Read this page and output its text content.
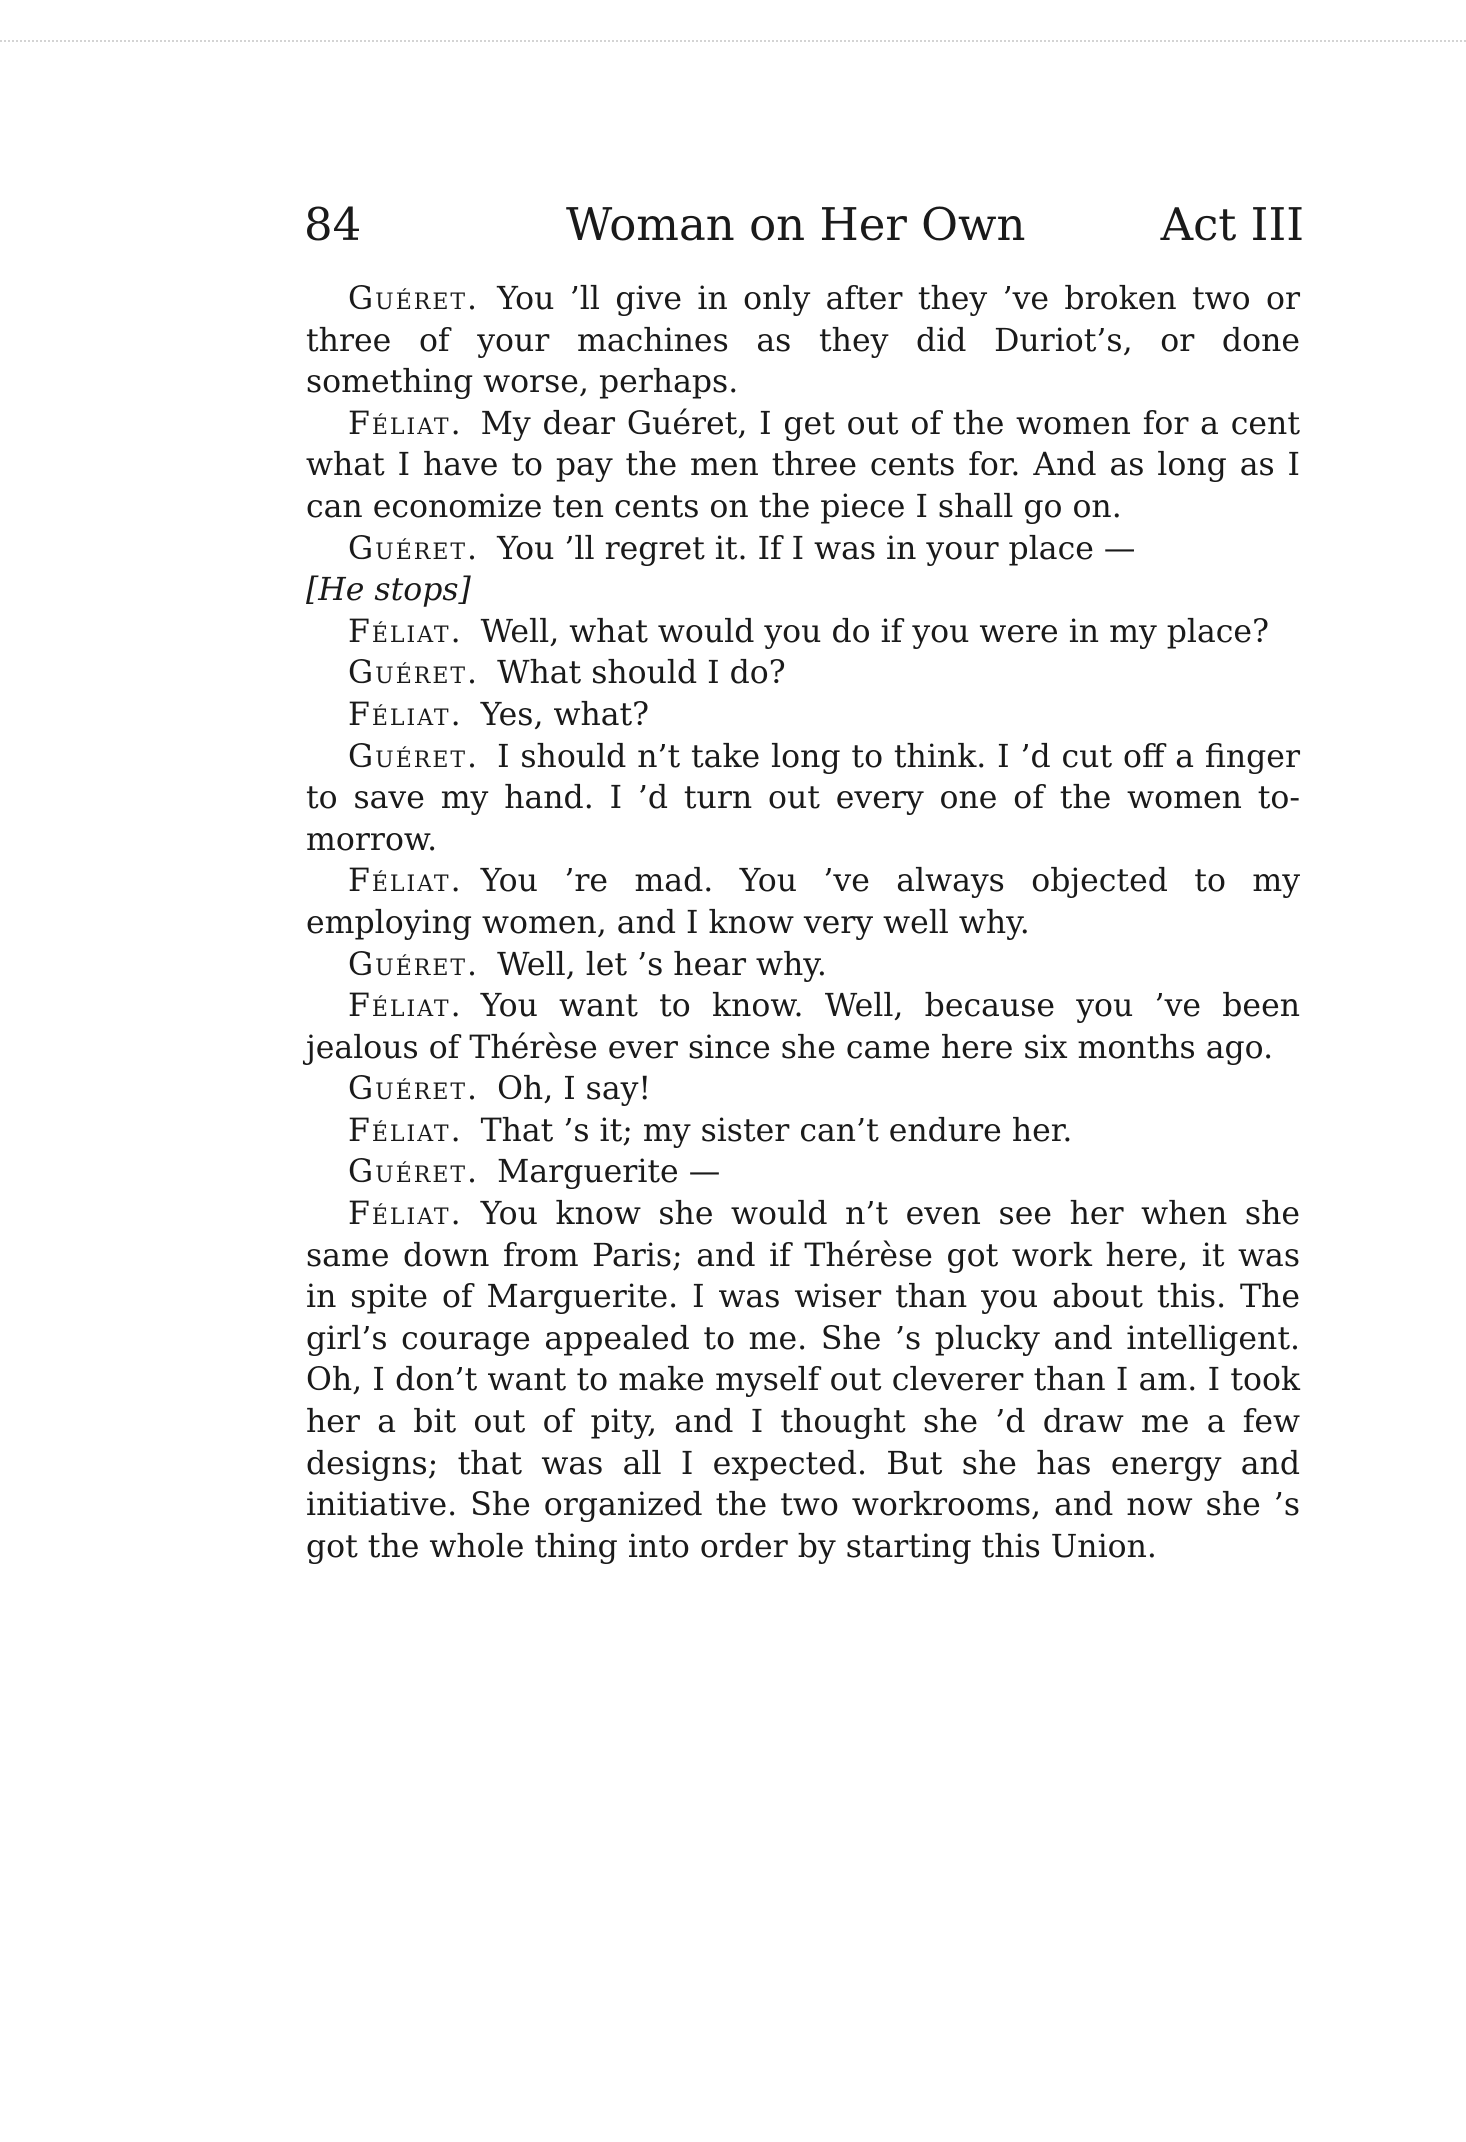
84	Woman on Her Own	Act III

Guéret. You ’ll give in only after they ’ve broken two or three of your machines as they did Duriot’s, or done something worse, perhaps.

Féliat. My dear Guéret, I get out of the women for a cent what I have to pay the men three cents for. And as long as I can economize ten cents on the piece I shall go on.

Guéret. You ’ll regret it. If I was in your place —
[He stops]

Féliat. Well, what would you do if you were in my place?

Guéret. What should I do?

Féliat. Yes, what?

Guéret. I should n’t take long to think. I ’d cut off a finger to save my hand. I ’d turn out every one of the women to-morrow.

Féliat. You ’re mad. You ’ve always objected to my employing women, and I know very well why.

Guéret. Well, let ’s hear why.

Féliat. You want to know. Well, because you ’ve been jealous of Thérèse ever since she came here six months ago.

Guéret. Oh, I say!

Féliat. That ’s it; my sister can’t endure her.

Guéret. Marguerite —

Féliat. You know she would n’t even see her when she same down from Paris; and if Thérèse got work here, it was in spite of Marguerite. I was wiser than you about this. The girl’s courage appealed to me. She ’s plucky and intelligent. Oh, I don’t want to make myself out cleverer than I am. I took her a bit out of pity, and I thought she ’d draw me a few designs; that was all I expected. But she has energy and initiative. She organized the two workrooms, and now she ’s got the whole thing into order by starting this Union.
